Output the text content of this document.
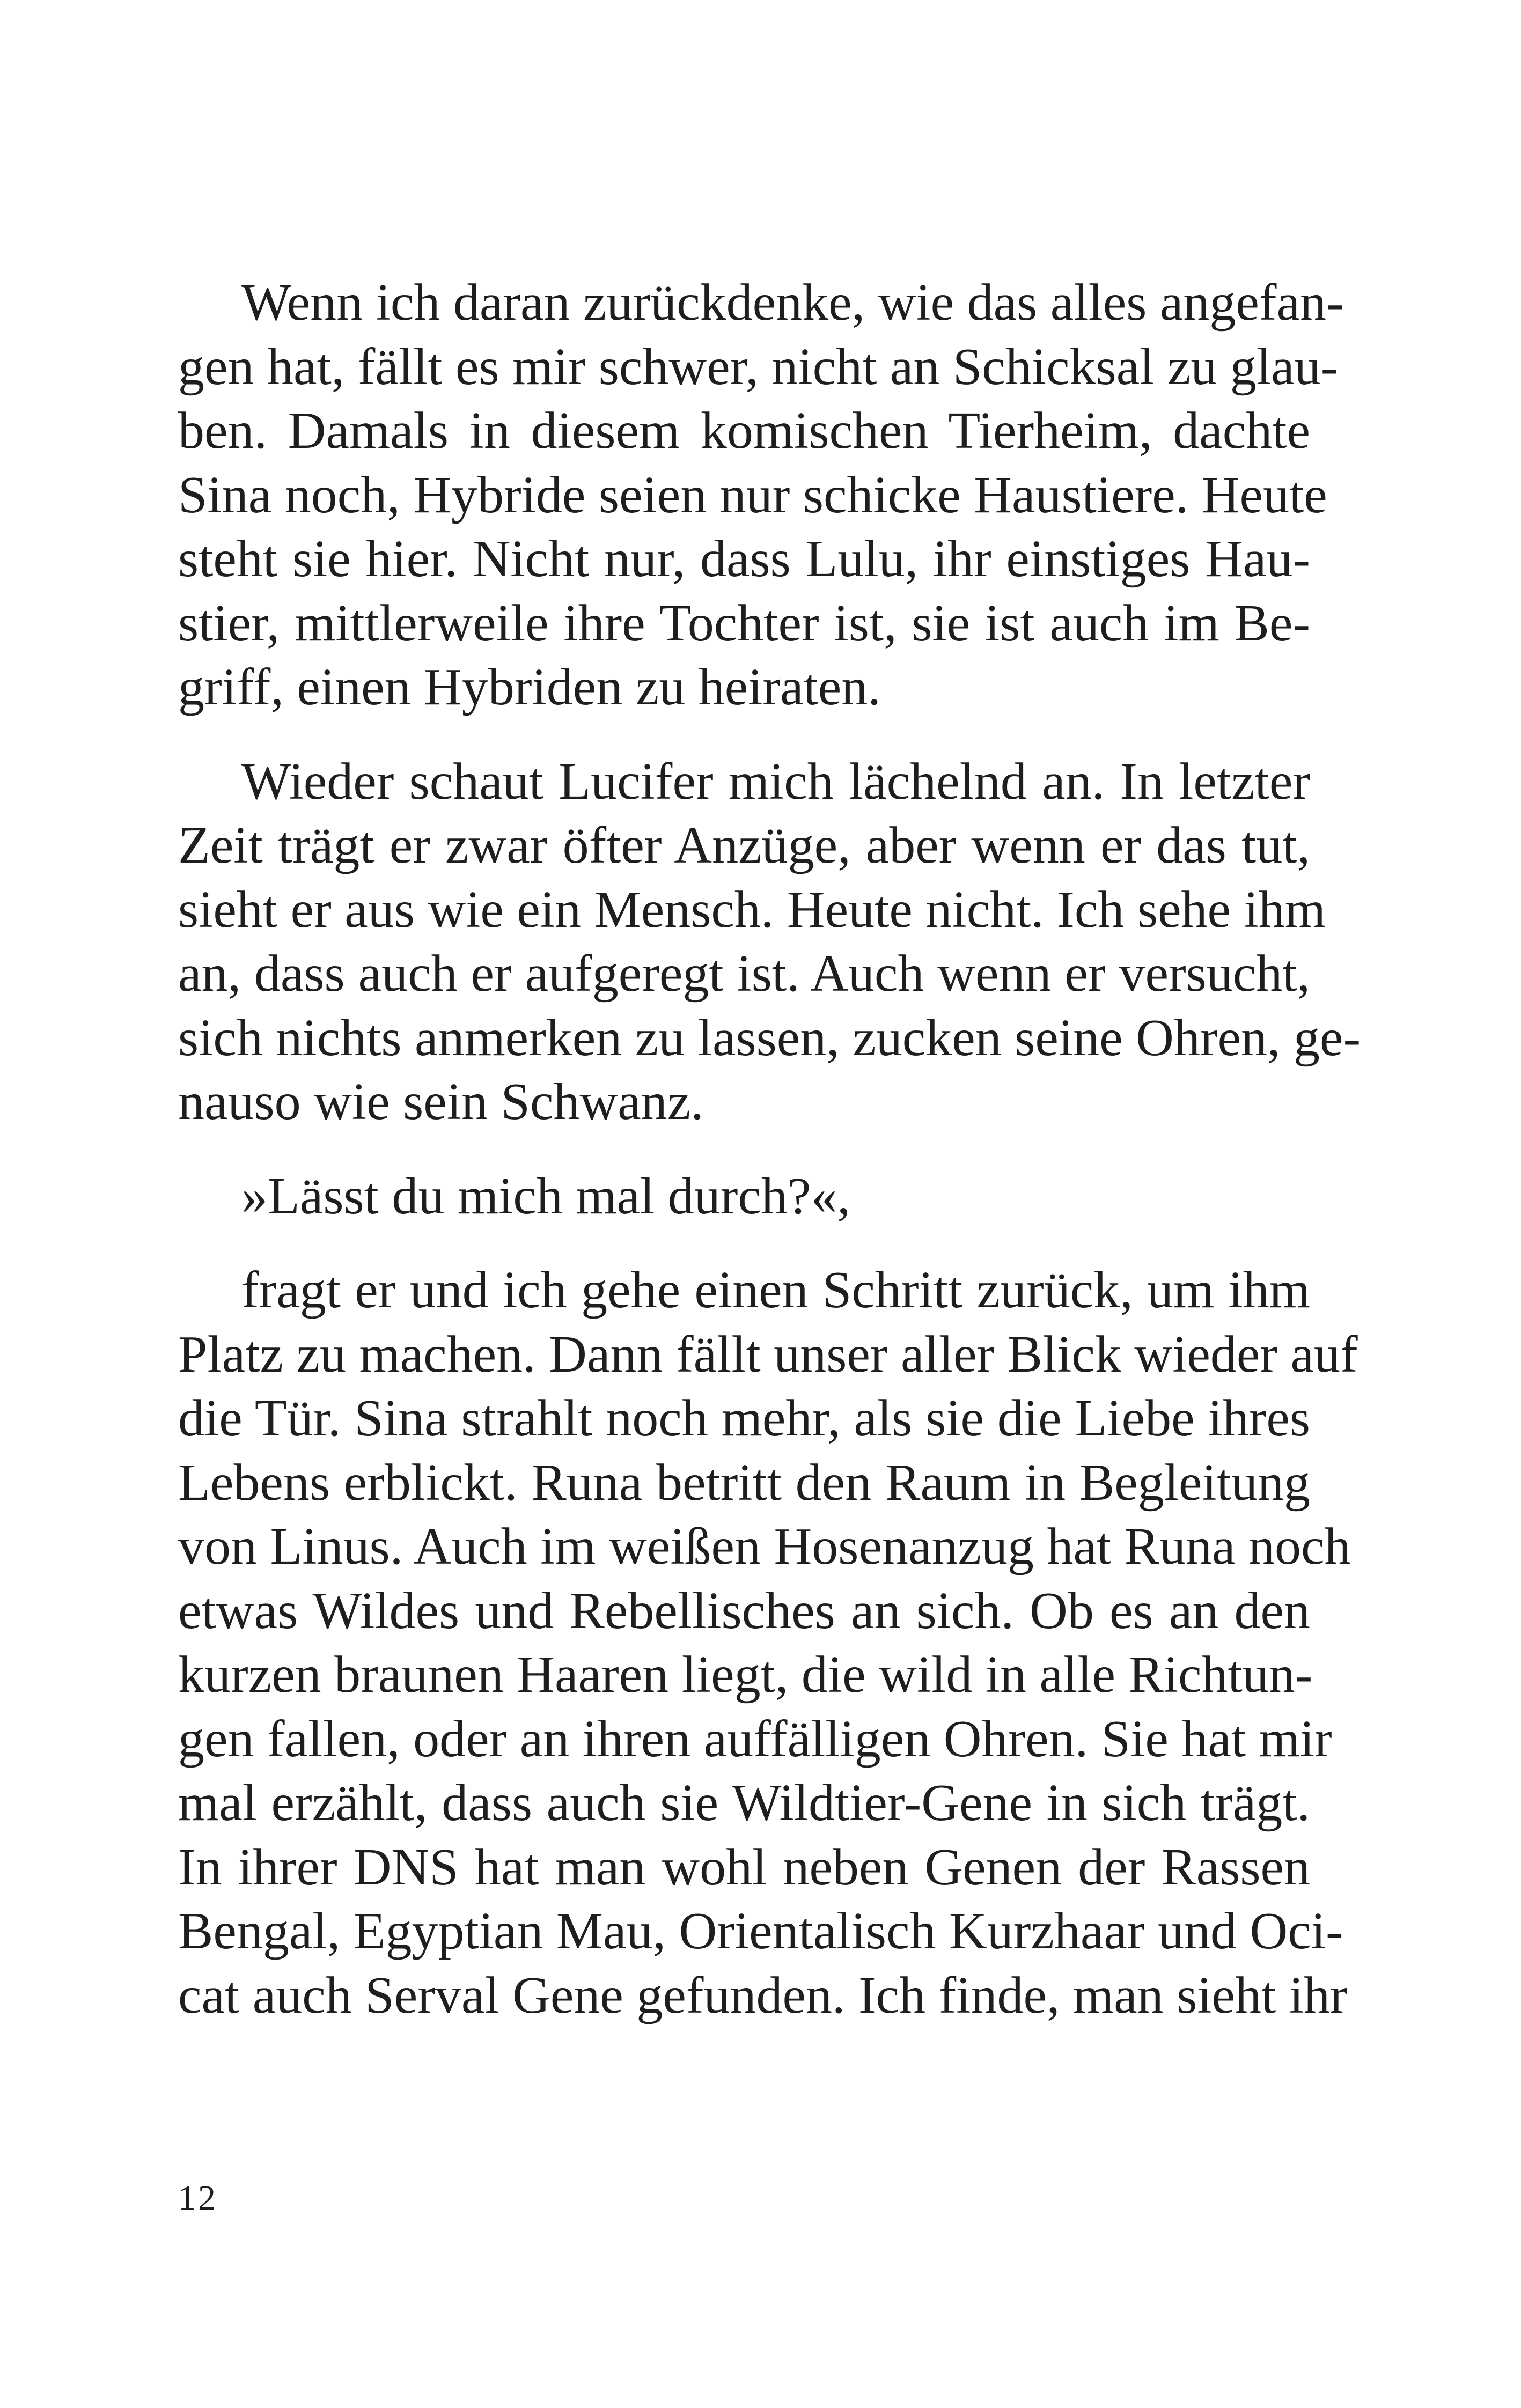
Wenn ich daran zurückdenke, wie das alles angefan-
gen hat, fällt es mir schwer, nicht an Schicksal zu glau-
ben. Damals in diesem komischen Tierheim, dachte
Sina noch, Hybride seien nur schicke Haustiere. Heute
steht sie hier. Nicht nur, dass Lulu, ihr einstiges Hau-
stier, mittlerweile ihre Tochter ist, sie ist auch im Be-
griff, einen Hybriden zu heiraten.

Wieder schaut Lucifer mich lächelnd an. In letzter
Zeit trägt er zwar öfter Anzüge, aber wenn er das tut,
sieht er aus wie ein Mensch. Heute nicht. Ich sehe ihm
an, dass auch er aufgeregt ist. Auch wenn er versucht,
sich nichts anmerken zu lassen, zucken seine Ohren, ge-
nauso wie sein Schwanz.

»Lässt du mich mal durch?«,

fragt er und ich gehe einen Schritt zurück, um ihm
Platz zu machen. Dann fällt unser aller Blick wieder auf
die Tür. Sina strahlt noch mehr, als sie die Liebe ihres
Lebens erblickt. Runa betritt den Raum in Begleitung
von Linus. Auch im weißen Hosenanzug hat Runa noch
etwas Wildes und Rebellisches an sich. Ob es an den
kurzen braunen Haaren liegt, die wild in alle Richtun-
gen fallen, oder an ihren auffälligen Ohren. Sie hat mir
mal erzählt, dass auch sie Wildtier-Gene in sich trägt.
In ihrer DNS hat man wohl neben Genen der Rassen
Bengal, Egyptian Mau, Orientalisch Kurzhaar und Oci-
cat auch Serval Gene gefunden. Ich finde, man sieht ihr

12
